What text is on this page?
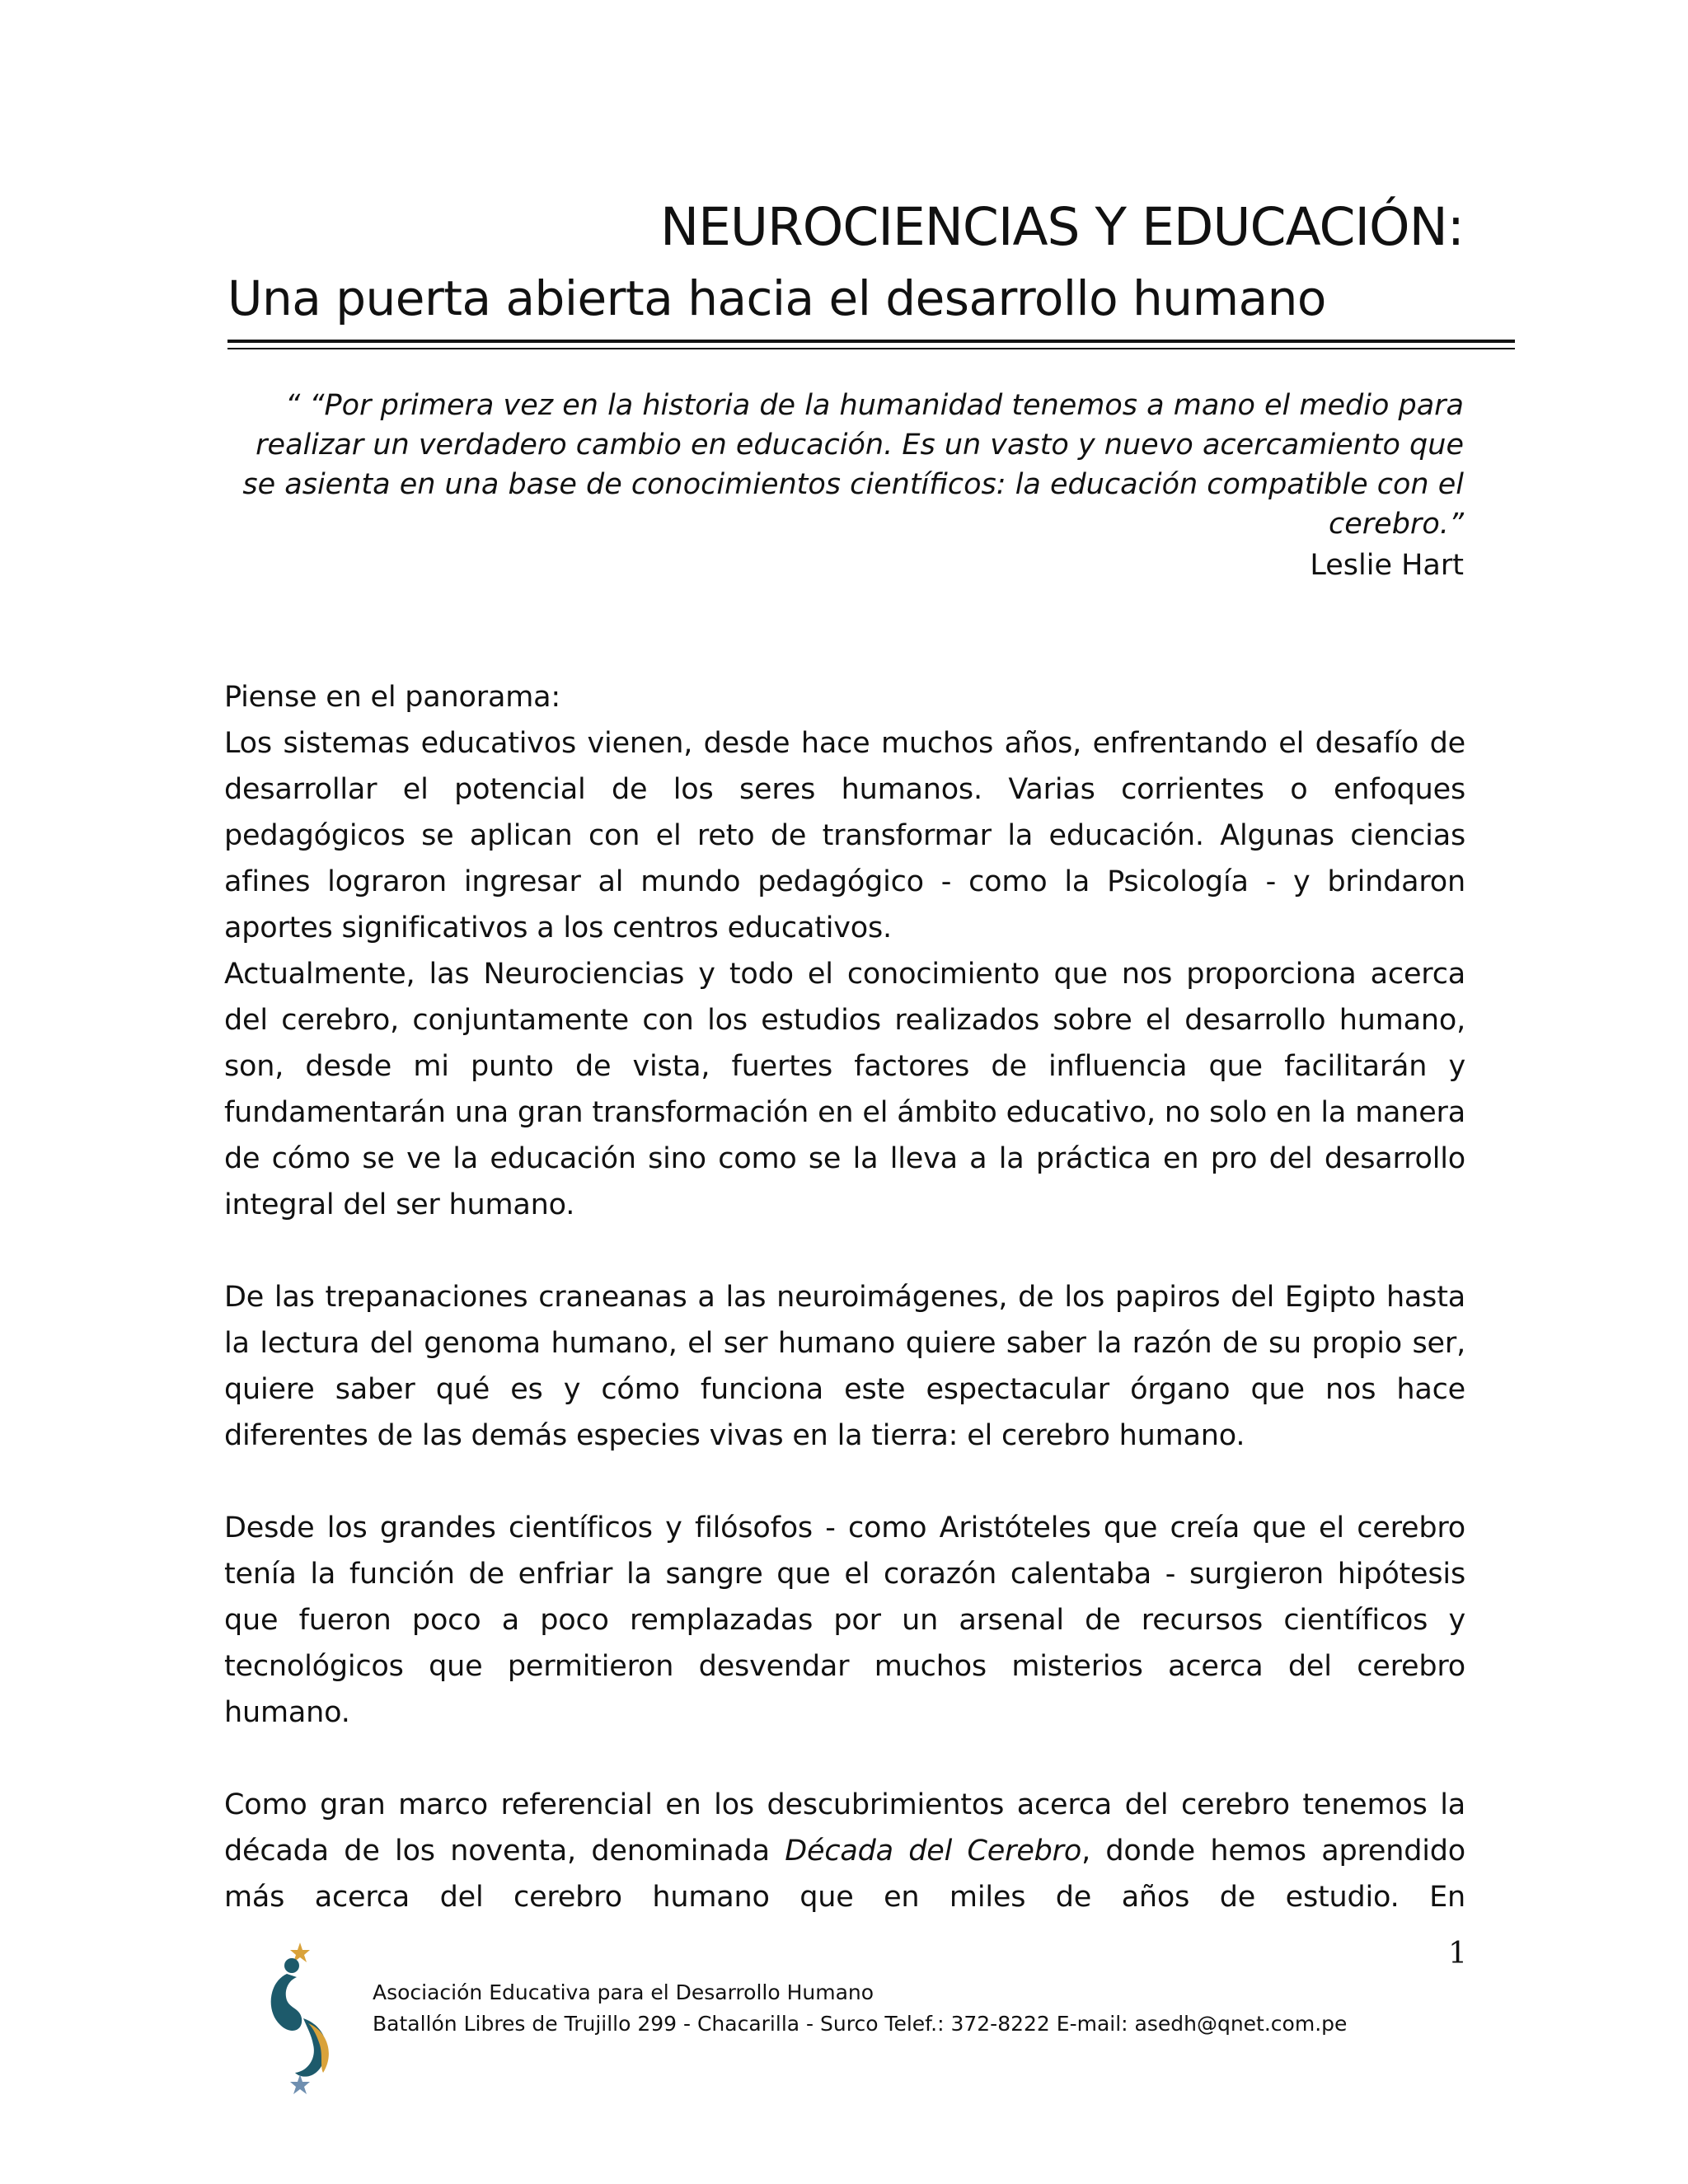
NEUROCIENCIAS Y EDUCACIÓN:
Una puerta abierta hacia el desarrollo humano
“ “Por primera vez en la historia de la humanidad tenemos a mano el medio para realizar un verdadero cambio en educación. Es un vasto y nuevo acercamiento que se asienta en una base de conocimientos científicos: la educación compatible con el cerebro.”
Leslie Hart

Piense en el panorama:

Los sistemas educativos vienen, desde hace muchos años, enfrentando el desafío de desarrollar el potencial de los seres humanos. Varias corrientes o enfoques pedagógicos se aplican con el reto de transformar la educación. Algunas ciencias afines lograron ingresar al mundo pedagógico - como la Psicología - y brindaron aportes significativos a los centros educativos.

Actualmente, las Neurociencias y todo el conocimiento que nos proporciona acerca del cerebro, conjuntamente con los estudios realizados sobre el desarrollo humano, son, desde mi punto de vista, fuertes factores de influencia que facilitarán y fundamentarán una gran transformación en el ámbito educativo, no solo en la manera de cómo se ve la educación sino como se la lleva a la práctica en pro del desarrollo integral del ser humano.

De las trepanaciones craneanas a las neuroimágenes, de los papiros del Egipto hasta la lectura del genoma humano, el ser humano quiere saber la razón de su propio ser, quiere saber qué es y cómo funciona este espectacular órgano que nos hace diferentes de las demás especies vivas en la tierra: el cerebro humano.

Desde los grandes científicos y filósofos - como Aristóteles que creía que el cerebro tenía la función de enfriar la sangre que el corazón calentaba - surgieron hipótesis que fueron poco a poco remplazadas por un arsenal de recursos científicos y tecnológicos que permitieron desvendar muchos misterios acerca del cerebro humano.

Como gran marco referencial en los descubrimientos acerca del cerebro tenemos la década de los noventa, denominada Década del Cerebro, donde hemos aprendido más acerca del cerebro humano que en miles de años de estudio. En

1
Asociación Educativa para el Desarrollo Humano
Batallón Libres de Trujillo 299 - Chacarilla - Surco Telef.: 372-8222 E-mail: asedh@qnet.com.pe
